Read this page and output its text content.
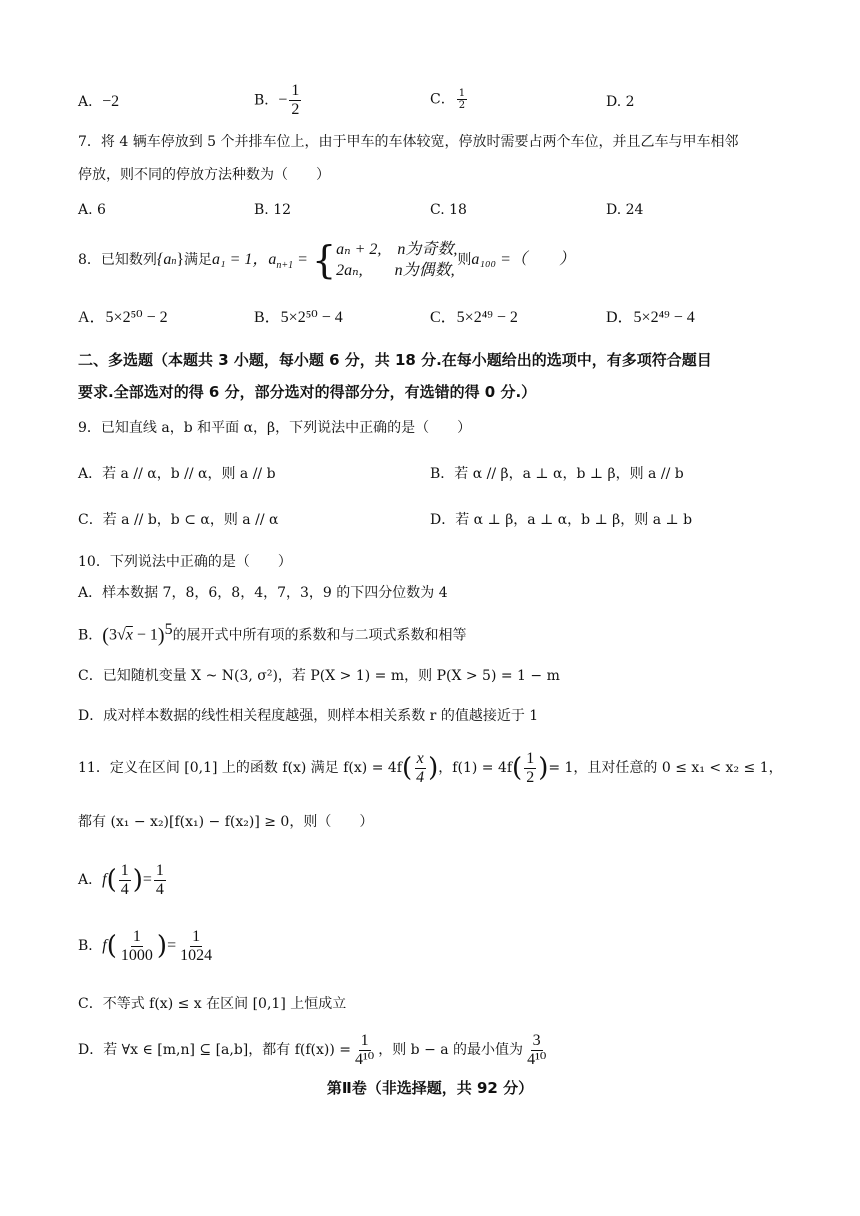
A．−2	B．− $\frac{1}{2}$	C． $\frac{1}{2}$	D. 2
7．将 4 辆车停放到 5 个并排车位上，由于甲车的车体较宽，停放时需要占两个车位，并且乙车与甲车相邻
停放，则不同的停放方法种数为（　　）
A. 6	B. 12	C. 18	D. 24
8．已知数列{an}满足a₁ = 1，$a_{n+1}$ = { aₙ + 2,　n为奇数,
2aₙ,　　n为偶数,
则a₁₀₀ =（　　）
A．5×2⁵⁰ − 2	B．5×2⁵⁰ − 4	C．5×2⁴⁹ − 2	D．5×2⁴⁹ − 4
二、多选题（本题共 3 小题，每小题 6 分，共 18 分.在每小题给出的选项中，有多项符合题目
要求.全部选对的得 6 分，部分选对的得部分分，有选错的得 0 分.）
9．已知直线 a，b 和平面 α，β，下列说法中正确的是（　　）
A．若 a // α，b // α，则 a // b	B．若 α // β，a ⊥ α，b ⊥ β，则 a // b
C．若 a // b，b ⊂ α，则 a // α	D．若 α ⊥ β，a ⊥ α，b ⊥ β，则 a ⊥ b
10．下列说法中正确的是（　　）
A．样本数据 7，8，6，8，4，7，3，9 的下四分位数为 4
B．$(3√x - 1)^5$的展开式中所有项的系数和与二项式系数和相等
C．已知随机变量 X ~ N(3, σ²)，若 P(X > 1) = m，则 P(X > 5) = 1 − m
D．成对样本数据的线性相关程度越强，则样本相关系数 r 的值越接近于 1
11．定义在区间 [0,1] 上的函数 f(x) 满足 $f(x) = 4f( \frac{x}{4}$ )，$f(1) = 4f( \frac{1}{2}$ )= 1，且对任意的 0 ≤ x₁ < x₂ ≤ 1，
都有 (x₁ − x₂)[f(x₁) − f(x₂)] ≥ 0，则（　　）
A．$f( \frac{1}{4}$ )= $\frac{1}{4}$
B．$f( \frac{1}{1000}$ )= $\frac{1}{1024}$
C．不等式 f(x) ≤ x 在区间 [0,1] 上恒成立
D．若 ∀x ∈ [m,n] ⊆ [a,b]，都有 $f(f(x)) = \frac{1}{\text{4¹⁰}}$ ，则 b − a 的最小值为 $\frac{3}{\text{4¹⁰}}$
第Ⅱ卷（非选择题，共 92 分）
